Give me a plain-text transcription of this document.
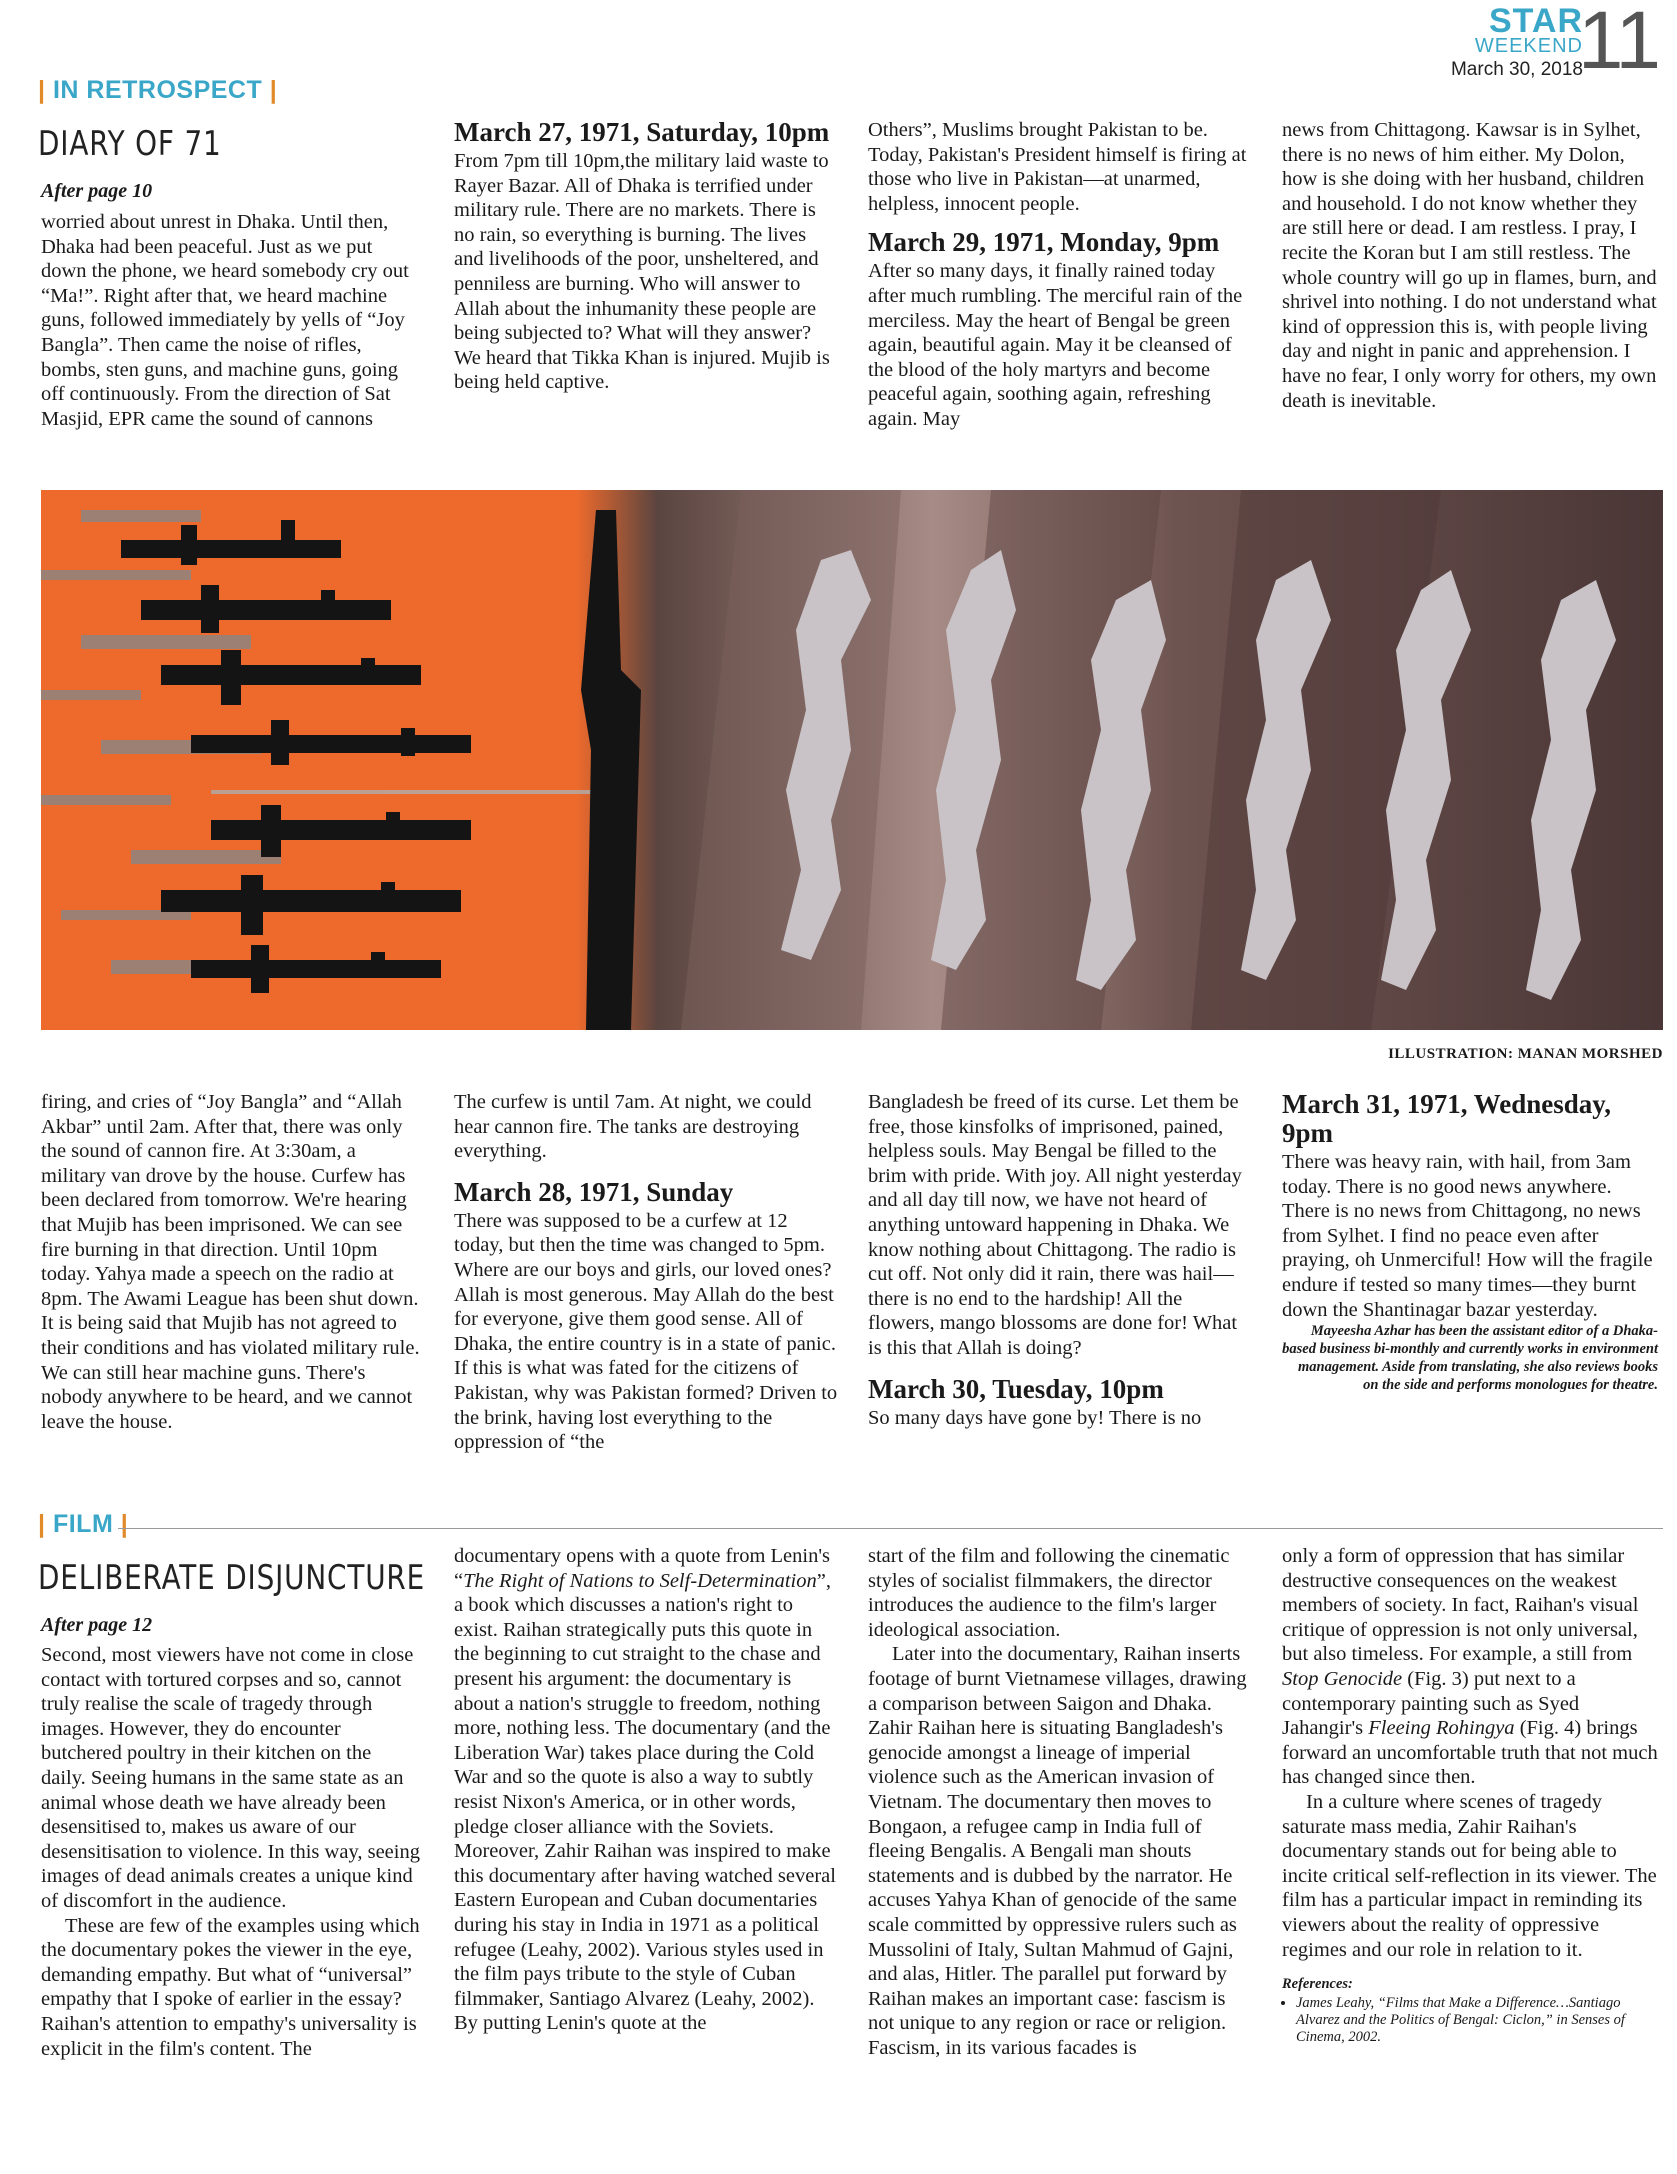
STAR
WEEKEND
March 30, 2018
11
| IN RETROSPECT |
DIARY OF 71
After page 10

worried about unrest in Dhaka. Until then, Dhaka had been peaceful. Just as we put down the phone, we heard somebody cry out “Ma!”. Right after that, we heard machine guns, followed immediately by yells of “Joy Bangla”. Then came the noise of rifles, bombs, sten guns, and machine guns, going off continuously. From the direction of Sat Masjid, EPR came the sound of cannons

March 27, 1971, Saturday, 10pm

From 7pm till 10pm,the military laid waste to Rayer Bazar. All of Dhaka is terrified under military rule. There are no markets. There is no rain, so everything is burning. The lives and livelihoods of the poor, unsheltered, and penniless are burning. Who will answer to Allah about the inhumanity these people are being subjected to? What will they answer? We heard that Tikka Khan is injured. Mujib is being held captive.

Others”, Muslims brought Pakistan to be. Today, Pakistan's President himself is firing at those who live in Pakistan—at unarmed, helpless, innocent people.

March 29, 1971, Monday, 9pm

After so many days, it finally rained today after much rumbling. The merciful rain of the merciless. May the heart of Bengal be green again, beautiful again. May it be cleansed of the blood of the holy martyrs and become peaceful again, soothing again, refreshing again. May

news from Chittagong. Kawsar is in Sylhet, there is no news of him either. My Dolon, how is she doing with her husband, children and household. I do not know whether they are still here or dead. I am restless. I pray, I recite the Koran but I am still restless. The whole country will go up in flames, burn, and shrivel into nothing. I do not understand what kind of oppression this is, with people living day and night in panic and apprehension. I have no fear, I only worry for others, my own death is inevitable.

ILLUSTRATION: MANAN MORSHED

firing, and cries of “Joy Bangla” and “Allah Akbar” until 2am. After that, there was only the sound of cannon fire. At 3:30am, a military van drove by the house. Curfew has been declared from tomorrow. We're hearing that Mujib has been imprisoned. We can see fire burning in that direction. Until 10pm today. Yahya made a speech on the radio at 8pm. The Awami League has been shut down. It is being said that Mujib has not agreed to their conditions and has violated military rule. We can still hear machine guns. There's nobody anywhere to be heard, and we cannot leave the house.

The curfew is until 7am. At night, we could hear cannon fire. The tanks are destroying everything.

March 28, 1971, Sunday

There was supposed to be a curfew at 12 today, but then the time was changed to 5pm. Where are our boys and girls, our loved ones? Allah is most generous. May Allah do the best for everyone, give them good sense. All of Dhaka, the entire country is in a state of panic. If this is what was fated for the citizens of Pakistan, why was Pakistan formed? Driven to the brink, having lost everything to the oppression of “the

Bangladesh be freed of its curse. Let them be free, those kinsfolks of imprisoned, pained, helpless souls. May Bengal be filled to the brim with pride. With joy. All night yesterday and all day till now, we have not heard of anything untoward happening in Dhaka. We know nothing about Chittagong. The radio is cut off. Not only did it rain, there was hail—there is no end to the hardship! All the flowers, mango blossoms are done for! What is this that Allah is doing?

March 30, Tuesday, 10pm

So many days have gone by! There is no

March 31, 1971, Wednesday, 9pm

There was heavy rain, with hail, from 3am today. There is no good news anywhere. There is no news from Chittagong, no news from Sylhet. I find no peace even after praying, oh Unmerciful! How will the fragile endure if tested so many times—they burnt down the Shantinagar bazar yesterday.

Mayeesha Azhar has been the assistant editor of a Dhaka-based business bi-monthly and currently works in environment management. Aside from translating, she also reviews books on the side and performs monologues for theatre.

| FILM |
DELIBERATE DISJUNCTURE
After page 12

Second, most viewers have not come in close contact with tortured corpses and so, cannot truly realise the scale of tragedy through images. However, they do encounter butchered poultry in their kitchen on the daily. Seeing humans in the same state as an animal whose death we have already been desensitised to, makes us aware of our desensitisation to violence. In this way, seeing images of dead animals creates a unique kind of discomfort in the audience.

These are few of the examples using which the documentary pokes the viewer in the eye, demanding empathy. But what of “universal” empathy that I spoke of earlier in the essay? Raihan's attention to empathy's universality is explicit in the film's content. The

documentary opens with a quote from Lenin's “The Right of Nations to Self-Determination”, a book which discusses a nation's right to exist. Raihan strategically puts this quote in the beginning to cut straight to the chase and present his argument: the documentary is about a nation's struggle to freedom, nothing more, nothing less. The documentary (and the Liberation War) takes place during the Cold War and so the quote is also a way to subtly resist Nixon's America, or in other words, pledge closer alliance with the Soviets. Moreover, Zahir Raihan was inspired to make this documentary after having watched several Eastern European and Cuban documentaries during his stay in India in 1971 as a political refugee (Leahy, 2002). Various styles used in the film pays tribute to the style of Cuban filmmaker, Santiago Alvarez (Leahy, 2002). By putting Lenin's quote at the

start of the film and following the cinematic styles of socialist filmmakers, the director introduces the audience to the film's larger ideological association.

Later into the documentary, Raihan inserts footage of burnt Vietnamese villages, drawing a comparison between Saigon and Dhaka. Zahir Raihan here is situating Bangladesh's genocide amongst a lineage of imperial violence such as the American invasion of Vietnam. The documentary then moves to Bongaon, a refugee camp in India full of fleeing Bengalis. A Bengali man shouts statements and is dubbed by the narrator. He accuses Yahya Khan of genocide of the same scale committed by oppressive rulers such as Mussolini of Italy, Sultan Mahmud of Gajni, and alas, Hitler. The parallel put forward by Raihan makes an important case: fascism is not unique to any region or race or religion. Fascism, in its various facades is

only a form of oppression that has similar destructive consequences on the weakest members of society. In fact, Raihan's visual critique of oppression is not only universal, but also timeless. For example, a still from Stop Genocide (Fig. 3) put next to a contemporary painting such as Syed Jahangir's Fleeing Rohingya (Fig. 4) brings forward an uncomfortable truth that not much has changed since then.

In a culture where scenes of tragedy saturate mass media, Zahir Raihan's documentary stands out for being able to incite critical self-reflection in its viewer. The film has a particular impact in reminding its viewers about the reality of oppressive regimes and our role in relation to it.

References:
• James Leahy, “Films that Make a Difference…Santiago Alvarez and the Politics of Bengal: Ciclon,” in Senses of Cinema, 2002.
